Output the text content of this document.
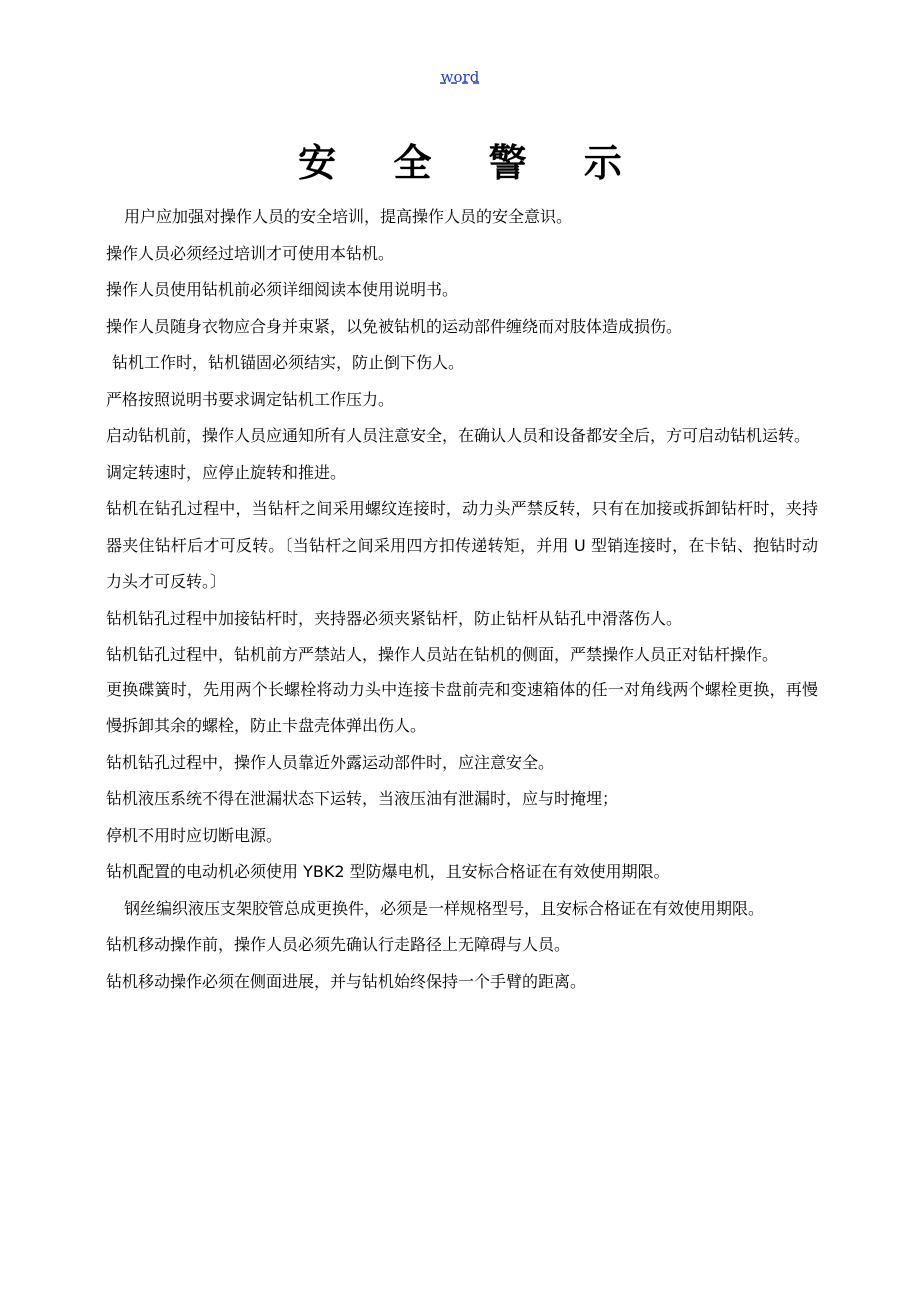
word
安 全 警 示

用户应加强对操作人员的安全培训，提高操作人员的安全意识。

操作人员必须经过培训才可使用本钻机。

操作人员使用钻机前必须详细阅读本使用说明书。

操作人员随身衣物应合身并束紧，以免被钻机的运动部件缠绕而对肢体造成损伤。

钻机工作时，钻机锚固必须结实，防止倒下伤人。

严格按照说明书要求调定钻机工作压力。

启动钻机前，操作人员应通知所有人员注意安全，在确认人员和设备都安全后，方可启动钻机运转。

调定转速时，应停止旋转和推进。

钻机在钻孔过程中，当钻杆之间采用螺纹连接时，动力头严禁反转，只有在加接或拆卸钻杆时，夹持器夹住钻杆后才可反转。〔当钻杆之间采用四方扣传递转矩，并用 U 型销连接时，在卡钻、抱钻时动力头才可反转。〕

钻机钻孔过程中加接钻杆时，夹持器必须夹紧钻杆，防止钻杆从钻孔中滑落伤人。

钻机钻孔过程中，钻机前方严禁站人，操作人员站在钻机的侧面，严禁操作人员正对钻杆操作。

更换碟簧时，先用两个长螺栓将动力头中连接卡盘前壳和变速箱体的任一对角线两个螺栓更换，再慢慢拆卸其余的螺栓，防止卡盘壳体弹出伤人。

钻机钻孔过程中，操作人员靠近外露运动部件时，应注意安全。

钻机液压系统不得在泄漏状态下运转，当液压油有泄漏时，应与时掩埋；

停机不用时应切断电源。

钻机配置的电动机必须使用 YBK2 型防爆电机，且安标合格证在有效使用期限。

钢丝编织液压支架胶管总成更换件，必须是一样规格型号，且安标合格证在有效使用期限。

钻机移动操作前，操作人员必须先确认行走路径上无障碍与人员。

钻机移动操作必须在侧面进展，并与钻机始终保持一个手臂的距离。
